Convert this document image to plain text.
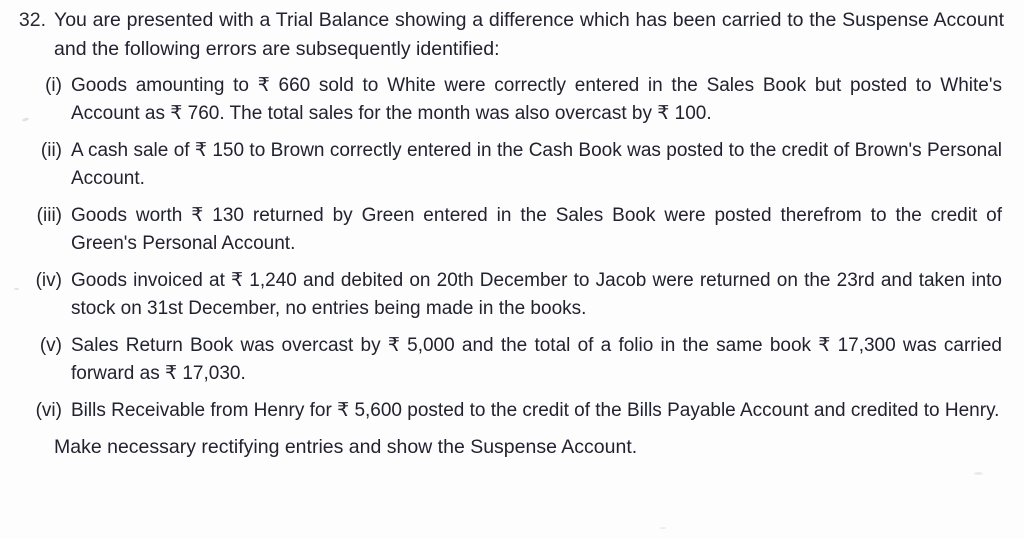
32. You are presented with a Trial Balance showing a difference which has been carried to the Suspense Account and the following errors are subsequently identified:
(i) Goods amounting to ₹ 660 sold to White were correctly entered in the Sales Book but posted to White's Account as ₹ 760. The total sales for the month was also overcast by ₹ 100.
(ii) A cash sale of ₹ 150 to Brown correctly entered in the Cash Book was posted to the credit of Brown's Personal Account.
(iii) Goods worth ₹ 130 returned by Green entered in the Sales Book were posted therefrom to the credit of Green's Personal Account.
(iv) Goods invoiced at ₹ 1,240 and debited on 20th December to Jacob were returned on the 23rd and taken into stock on 31st December, no entries being made in the books.
(v) Sales Return Book was overcast by ₹ 5,000 and the total of a folio in the same book ₹ 17,300 was carried forward as ₹ 17,030.
(vi) Bills Receivable from Henry for ₹ 5,600 posted to the credit of the Bills Payable Account and credited to Henry.
Make necessary rectifying entries and show the Suspense Account.
